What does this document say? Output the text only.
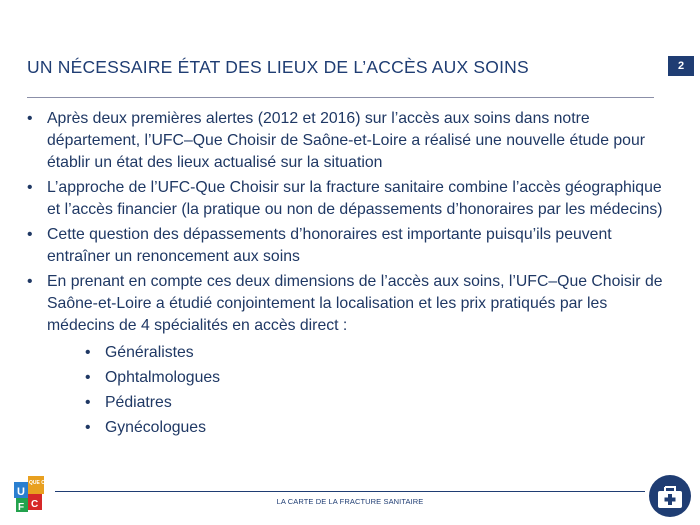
UN NÉCESSAIRE ÉTAT DES LIEUX DE L’ACCÈS AUX SOINS	2
• Après deux premières alertes (2012 et 2016) sur l’accès aux soins dans notre département, l’UFC–Que Choisir de Saône-et-Loire a réalisé une nouvelle étude pour établir un état des lieux actualisé sur la situation
• L’approche de l’UFC-Que Choisir sur la fracture sanitaire combine l’accès géographique et l’accès financier (la pratique ou non de dépassements d’honoraires par les médecins)
• Cette question des dépassements d’honoraires est importante puisqu’ils peuvent entraîner un renoncement aux soins
• En prenant en compte ces deux dimensions de l’accès aux soins, l’UFC–Que Choisir de Saône-et-Loire a étudié conjointement la localisation et les prix pratiqués par les médecins de 4 spécialités en accès direct :
• Généralistes
• Ophtalmologues
• Pédiatres
• Gynécologues
U
F C
QUE CHOISIR
LA CARTE DE LA FRACTURE SANITAIRE
